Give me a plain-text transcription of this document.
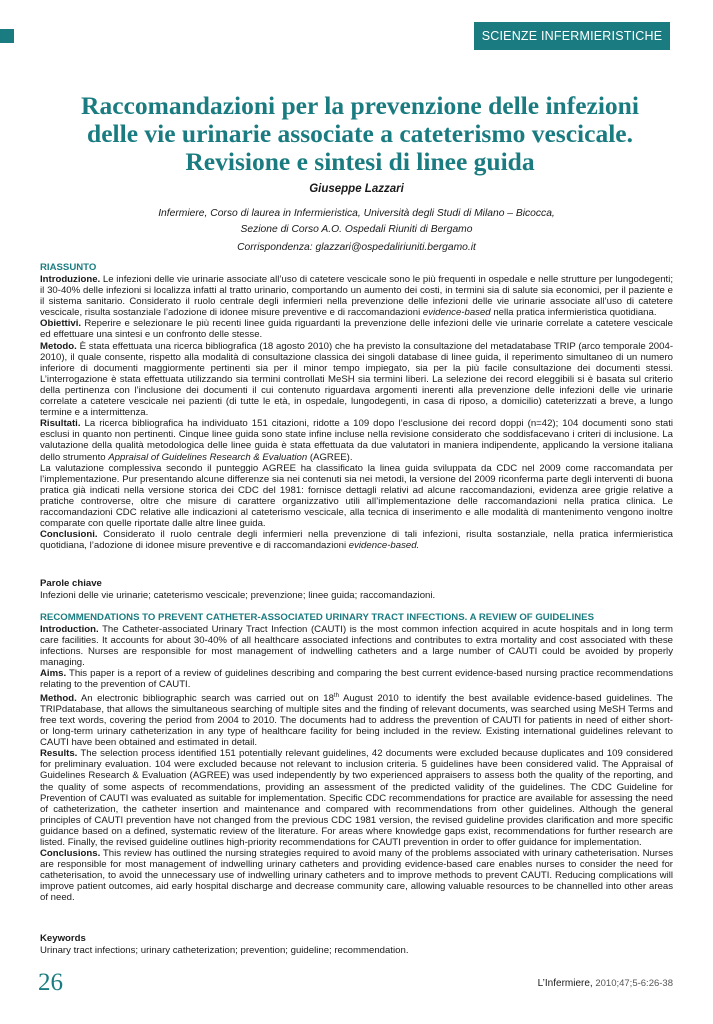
SCIENZE INFERMIERISTICHE
Raccomandazioni per la prevenzione delle infezioni
delle vie urinarie associate a cateterismo vescicale.
Revisione e sintesi di linee guida
Giuseppe Lazzari
Infermiere, Corso di laurea in Infermieristica, Università degli Studi di Milano – Bicocca,
Sezione di Corso A.O. Ospedali Riuniti di Bergamo
Corrispondenza: glazzari@ospedaliriuniti.bergamo.it
RIASSUNTO

Introduzione. Le infezioni delle vie urinarie associate all’uso di catetere vescicale sono le più frequenti in ospedale e nelle strutture per lungodegenti; il 30-40% delle infezioni si localizza infatti al tratto urinario, comportando un aumento dei costi, in termini sia di salute sia economici, per il paziente e il sistema sanitario. Considerato il ruolo centrale degli infermieri nella prevenzione delle infezioni delle vie urinarie associate all’uso di catetere vescicale, risulta sostanziale l’adozione di idonee misure preventive e di raccomandazioni evidence-based nella pratica infermieristica quotidiana.

Obiettivi. Reperire e selezionare le più recenti linee guida riguardanti la prevenzione delle infezioni delle vie urinarie correlate a catetere vescicale ed effettuare una sintesi e un confronto delle stesse.

Metodo. È stata effettuata una ricerca bibliografica (18 agosto 2010) che ha previsto la consultazione del metadatabase TRIP (arco temporale 2004-2010), il quale consente, rispetto alla modalità di consultazione classica dei singoli database di linee guida, il reperimento simultaneo di un numero inferiore di documenti maggiormente pertinenti sia per il minor tempo impiegato, sia per la più facile consultazione dei documenti stessi. L’interrogazione è stata effettuata utilizzando sia termini controllati MeSH sia termini liberi. La selezione dei record eleggibili si è basata sul criterio della pertinenza con l’inclusione dei documenti il cui contenuto riguardava argomenti inerenti alla prevenzione delle infezioni delle vie urinarie correlate a catetere vescicale nei pazienti (di tutte le età, in ospedale, lungodegenti, in casa di riposo, a domicilio) cateterizzati a breve, a lungo termine e a intermittenza.

Risultati. La ricerca bibliografica ha individuato 151 citazioni, ridotte a 109 dopo l’esclusione dei record doppi (n=42); 104 documenti sono stati esclusi in quanto non pertinenti. Cinque linee guida sono state infine incluse nella revisione considerato che soddisfacevano i criteri di inclusione. La valutazione della qualità metodologica delle linee guida è stata effettuata da due valutatori in maniera indipendente, applicando la versione italiana dello strumento Appraisal of Guidelines Research & Evaluation (AGREE).

La valutazione complessiva secondo il punteggio AGREE ha classificato la linea guida sviluppata da CDC nel 2009 come raccomandata per l’implementazione. Pur presentando alcune differenze sia nei contenuti sia nei metodi, la versione del 2009 riconferma parte degli interventi di buona pratica già indicati nella versione storica dei CDC del 1981: fornisce dettagli relativi ad alcune raccomandazioni, evidenza aree grigie relative a pratiche controverse, oltre che misure di carattere organizzativo utili all’implementazione delle raccomandazioni nella pratica clinica. Le raccomandazioni CDC relative alle indicazioni al cateterismo vescicale, alla tecnica di inserimento e alle modalità di mantenimento vengono inoltre comparate con quelle riportate dalle altre linee guida.

Conclusioni. Considerato il ruolo centrale degli infermieri nella prevenzione di tali infezioni, risulta sostanziale, nella pratica infermieristica quotidiana, l’adozione di idonee misure preventive e di raccomandazioni evidence-based.

Parole chiave

Infezioni delle vie urinarie; cateterismo vescicale; prevenzione; linee guida; raccomandazioni.

RECOMMENDATIONS TO PREVENT CATHETER-ASSOCIATED URINARY TRACT INFECTIONS. A REVIEW OF GUIDELINES

Introduction. The Catheter-associated Urinary Tract Infection (CAUTI) is the most common infection acquired in acute hospitals and in long term care facilities. It accounts for about 30-40% of all healthcare associated infections and contributes to extra mortality and cost associated with these infections. Nurses are responsible for most management of indwelling catheters and a large number of CAUTI could be avoided by properly managing.

Aims. This paper is a report of a review of guidelines describing and comparing the best current evidence-based nursing practice recommendations relating to the prevention of CAUTI.

Method. An electronic bibliographic search was carried out on 18th August 2010 to identify the best available evidence-based guidelines. The TRIPdatabase, that allows the simultaneous searching of multiple sites and the finding of relevant documents, was searched using MeSH Terms and free text words, covering the period from 2004 to 2010. The documents had to address the prevention of CAUTI for patients in need of either short- or long-term urinary catheterization in any type of healthcare facility for being included in the review. Existing international guidelines relevant to CAUTI have been obtained and estimated in detail.

Results. The selection process identified 151 potentially relevant guidelines, 42 documents were excluded because duplicates and 109 considered for preliminary evaluation. 104 were excluded because not relevant to inclusion criteria. 5 guidelines have been considered valid. The Appraisal of Guidelines Research & Evaluation (AGREE) was used independently by two experienced appraisers to assess both the quality of the reporting, and the quality of some aspects of recommendations, providing an assessment of the predicted validity of the guidelines. The CDC Guideline for Prevention of CAUTI was evaluated as suitable for implementation. Specific CDC recommendations for practice are available for assessing the need of catheterization, the catheter insertion and maintenance and compared with recommendations from other guidelines. Although the general principles of CAUTI prevention have not changed from the previous CDC 1981 version, the revised guideline provides clarification and more specific guidance based on a defined, systematic review of the literature. For areas where knowledge gaps exist, recommendations for further research are listed. Finally, the revised guideline outlines high-priority recommendations for CAUTI prevention in order to offer guidance for implementation.

Conclusions. This review has outlined the nursing strategies required to avoid many of the problems associated with urinary catheterisation. Nurses are responsible for most management of indwelling urinary catheters and providing evidence-based care enables nurses to consider the need for catheterisation, to avoid the unnecessary use of indwelling urinary catheters and to improve methods to prevent CAUTI. Reducing complications will improve patient outcomes, aid early hospital discharge and decrease community care, allowing valuable resources to be channelled into other areas of need.

Keywords

Urinary tract infections; urinary catheterization; prevention; guideline; recommendation.

26	L’Infermiere, 2010;47;5-6:26-38
